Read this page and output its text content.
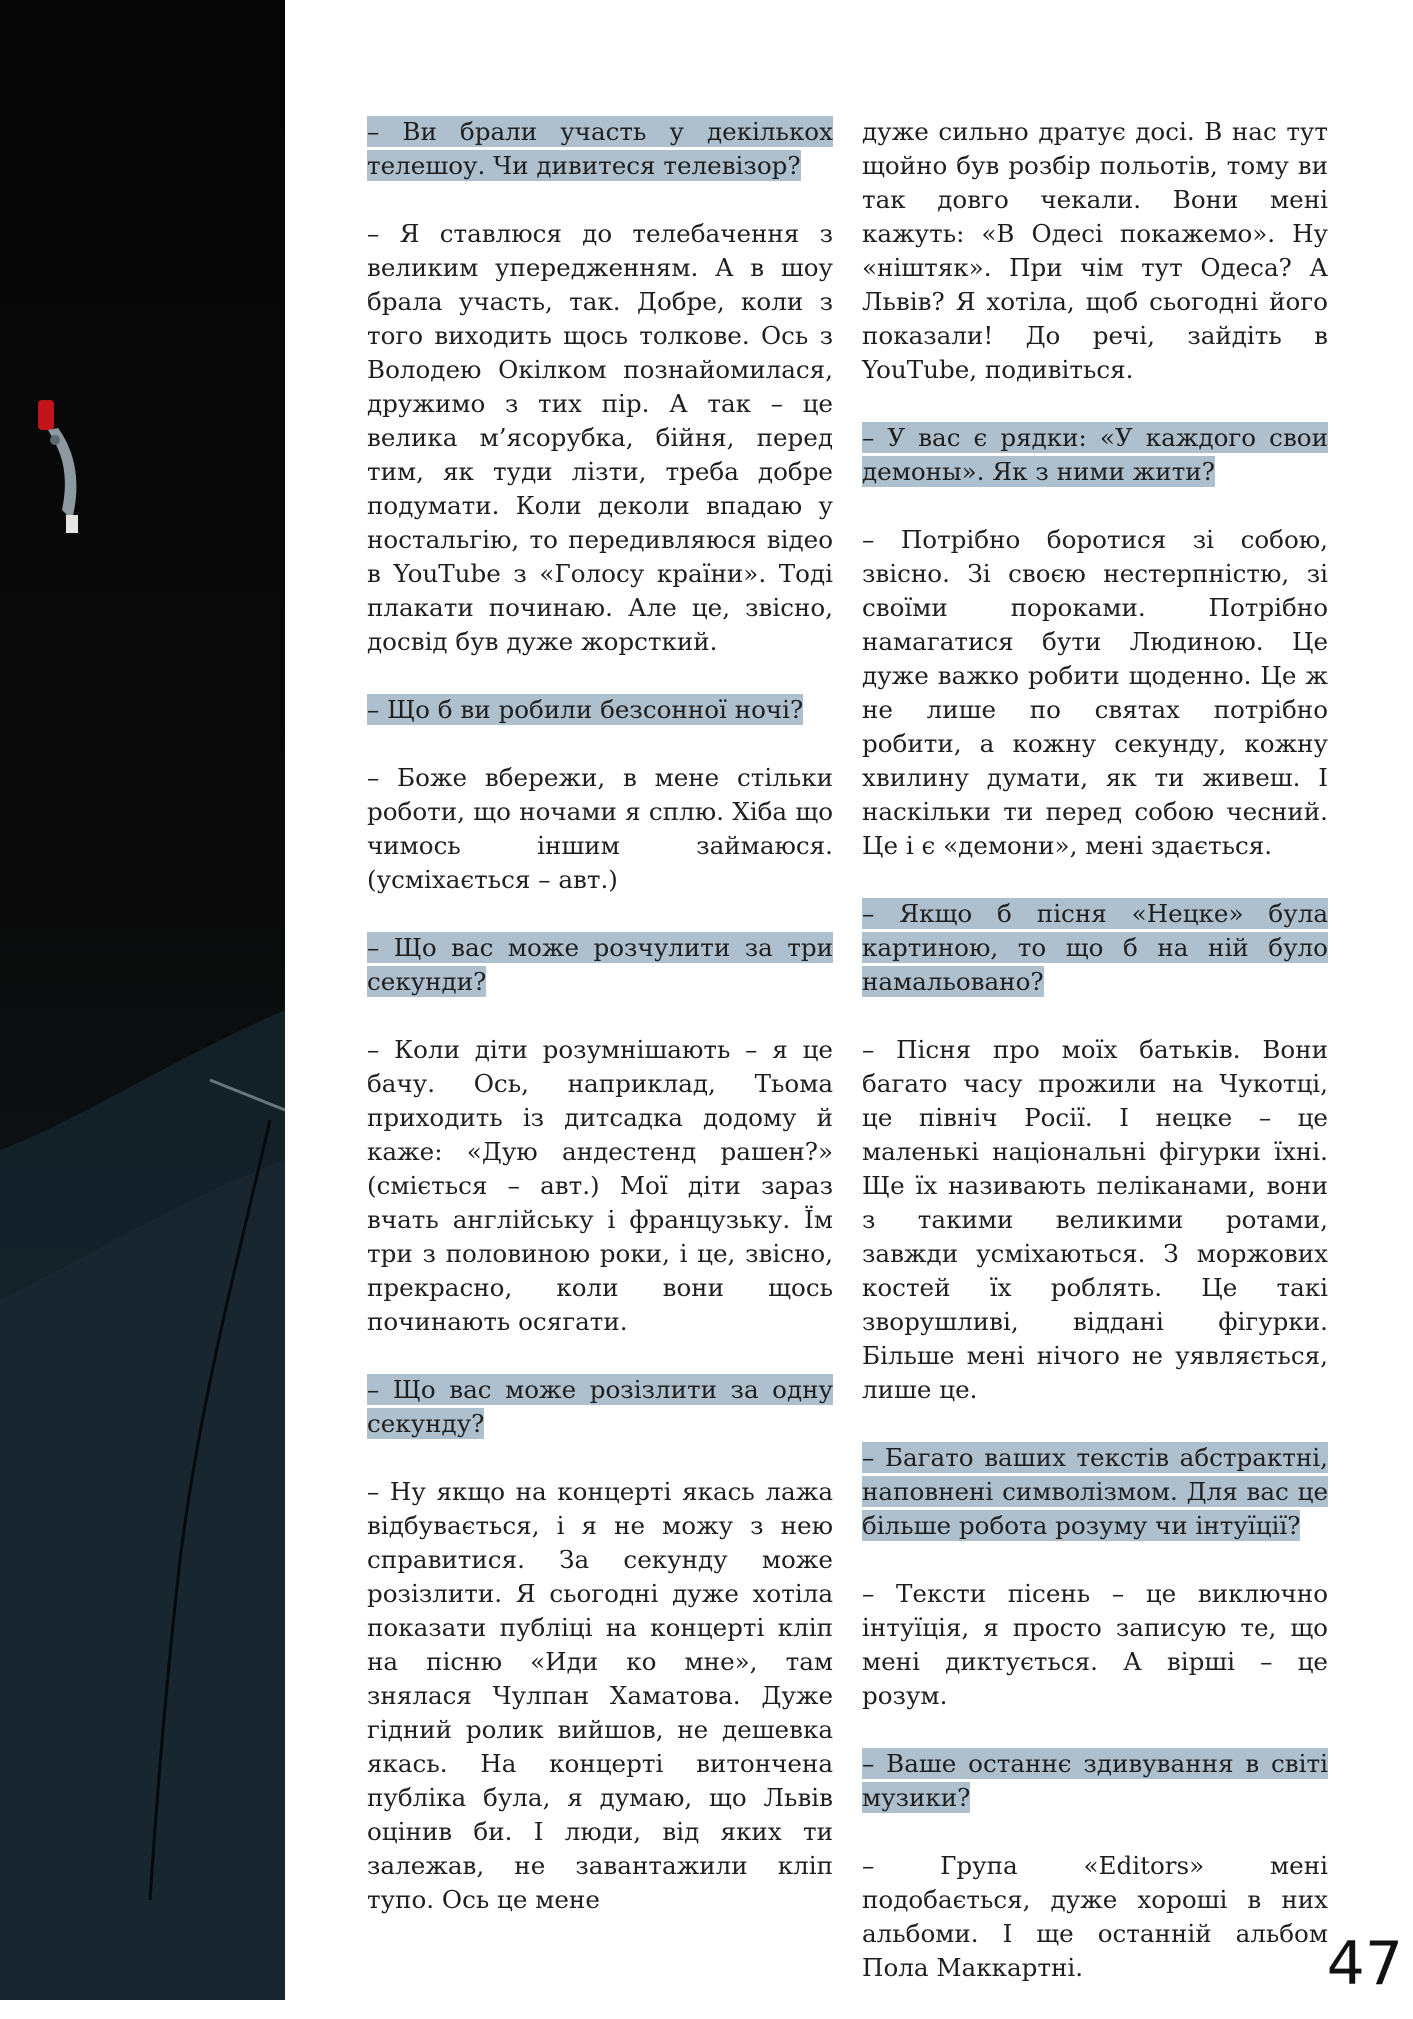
– Ви брали участь у декількох телешоу. Чи дивитеся телевізор?

– Я ставлюся до телебачення з великим упередженням. А в шоу брала участь, так. Добре, коли з того виходить щось толкове. Ось з Володею Окілком познайомилася, дружимо з тих пір. А так – це велика м’ясорубка, бійня, перед тим, як туди лізти, треба добре подумати. Коли деколи впадаю у ностальгію, то передивляюся відео в YouTube з «Голосу країни». Тоді плакати починаю. Але це, звісно, досвід був дуже жорсткий.

– Що б ви робили безсонної ночі?

– Боже вбережи, в мене стільки роботи, що ночами я сплю. Хіба що чимось іншим займаюся. (усміхається – авт.)

– Що вас може розчулити за три секунди?

– Коли діти розумнішають – я це бачу. Ось, наприклад, Тьома приходить із дитсадка додому й каже: «Дую андестенд рашен?» (сміється – авт.) Мої діти зараз вчать англійську і французьку. Їм три з половиною роки, і це, звісно, прекрасно, коли вони щось починають осягати.

– Що вас може розізлити за одну секунду?

– Ну якщо на концерті якась лажа відбувається, і я не можу з нею справитися. За секунду може розізлити. Я сьогодні дуже хотіла показати публіці на концерті кліп на пісню «Иди ко мне», там знялася Чулпан Хаматова. Дуже гідний ролик вийшов, не дешевка якась. На концерті витончена публіка була, я думаю, що Львів оцінив би. І люди, від яких ти залежав, не завантажили кліп тупо. Ось це мене

дуже сильно дратує досі. В нас тут щойно був розбір польотів, тому ви так довго чекали. Вони мені кажуть: «В Одесі покажемо». Ну «ніштяк». При чім тут Одеса? А Львів? Я хотіла, щоб сьогодні його показали! До речі, зайдіть в YouTube, подивіться.

– У вас є рядки: «У каждого свои демоны». Як з ними жити?

– Потрібно боротися зі собою, звісно. Зі своєю нестерпністю, зі своїми пороками. Потрібно намагатися бути Людиною. Це дуже важко робити щоденно. Це ж не лише по святах потрібно робити, а кожну секунду, кожну хвилину думати, як ти живеш. І наскільки ти перед собою чесний. Це і є «демони», мені здається.

– Якщо б пісня «Нецке» була картиною, то що б на ній було намальовано?

– Пісня про моїх батьків. Вони багато часу прожили на Чукотці, це північ Росії. І нецке – це маленькі національні фігурки їхні. Ще їх називають пеліканами, вони з такими великими ротами, завжди усміхаються. З моржових костей їх роблять. Це такі зворушливі, віддані фігурки. Більше мені нічого не уявляється, лише це.

– Багато ваших текстів абстрактні, наповнені символізмом. Для вас це більше робота розуму чи інтуїції?

– Тексти пісень – це виключно інтуїція, я просто записую те, що мені диктується. А вірші – це розум.

– Ваше останнє здивування в світі музики?

– Група «Editors» мені подобається, дуже хороші в них альбоми. І ще останній альбом Пола Маккартні.	47
